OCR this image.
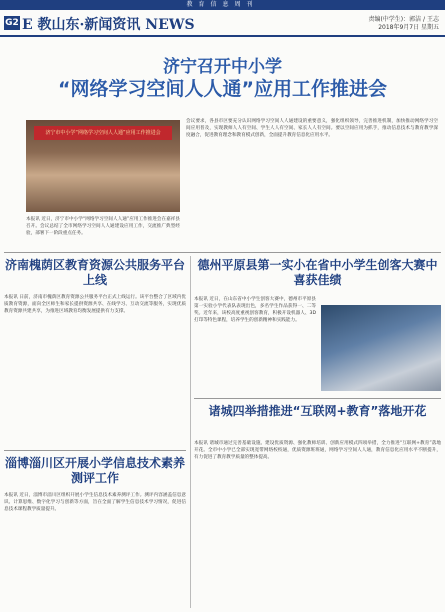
教育信息周刊
G2 E 教山东·新闻资讯 NEWS	责编(中学生)：郭洁 / 王志
2018年9月7日 星期五
济宁召开中小学
“网络学习空间人人通”应用工作推进会
济宁市中小学“网络学习空间人人通”应用工作推进会
本报讯 近日，济宁市中小学“网络学习空间人人通”应用工作推进会在嘉祥县召开。会议总结了全市网络学习空间人人通建设应用工作，交流推广典型经验，部署下一阶段重点任务。
会议要求，各县市区要充分认识网络学习空间人人通建设的重要意义，强化组织领导，完善推进机制，加快推动网络学习空间应用普及，实现教师人人有空间、学生人人有空间、家长人人有空间。要以空间应用为抓手，推动信息技术与教育教学深度融合，促进教育理念和教育模式创新，全面提升教育信息化应用水平。
济南槐荫区教育资源公共服务平台上线
本报讯 日前，济南市槐荫区教育资源公共服务平台正式上线运行。该平台整合了区域内优质教育资源，面向全区师生和家长提供资源共享、在线学习、互动交流等服务，实现优质教育资源共建共享，为推进区域教育均衡发展提供有力支撑。
淄博淄川区开展小学信息技术素养测评工作
本报讯 近日，淄博市淄川区组织开展小学生信息技术素养测评工作。测评内容涵盖信息意识、计算思维、数字化学习与创新等方面，旨在全面了解学生信息技术学习情况，促进信息技术课程教学质量提升。
德州平原县第一实小在省中小学生创客大赛中喜获佳绩
本报讯 近日，在山东省中小学生创客大赛中，德州市平原县第一实验小学代表队表现出色，多名学生作品获得一、二等奖。近年来，该校高度重视创客教育，积极开设机器人、3D打印等特色课程，培养学生的创新精神和实践能力。
诸城四举措推进“互联网+教育”落地开花
本报讯 诸城市通过完善基础设施、建设优质资源、强化教师培训、创新应用模式四项举措，全力推进“互联网+教育”落地开花。全市中小学已全部实现宽带网络校校通，优质资源班班通，网络学习空间人人通，教育信息化应用水平不断提升，有力促进了教育教学质量的整体提高。
